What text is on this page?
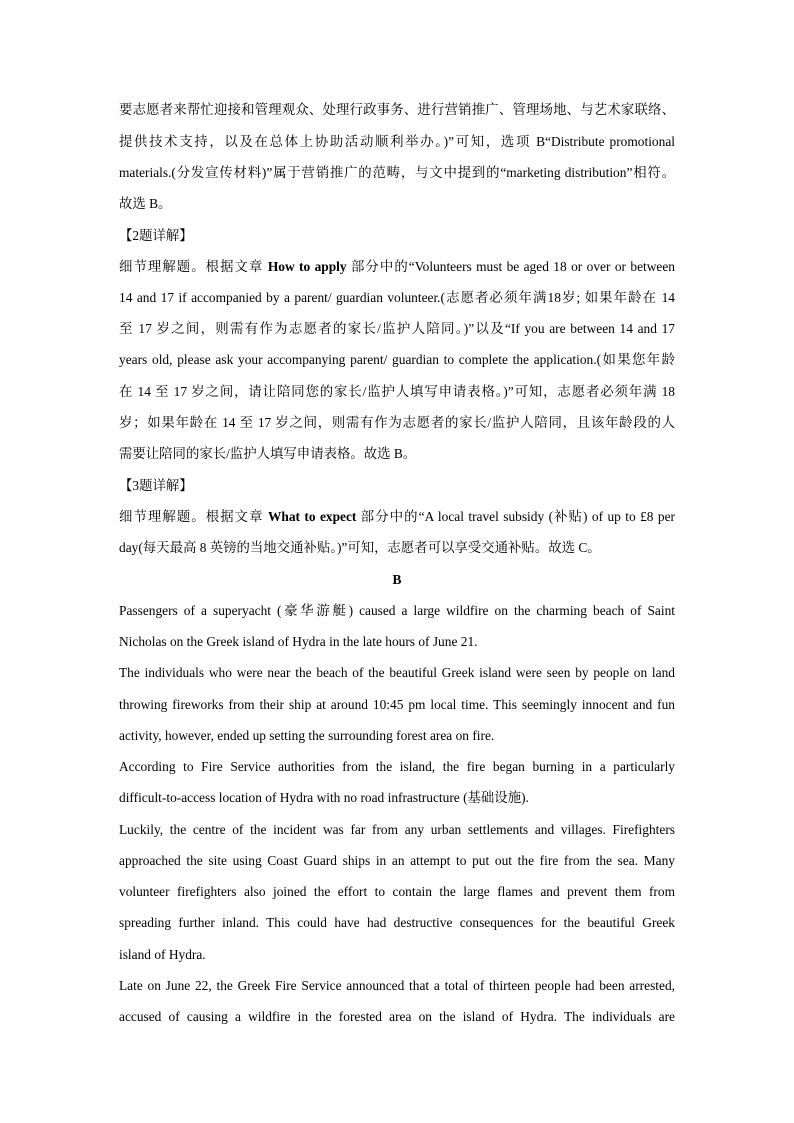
要志愿者来帮忙迎接和管理观众、处理行政事务、进行营销推广、管理场地、与艺术家联络、
提供技术支持，以及在总体上协助活动顺利举办。)”可知，选项 B“Distribute promotional
materials.(分发宣传材料)”属于营销推广的范畴，与文中提到的“marketing distribution”相符。
故选 B。
【2题详解】
细节理解题。根据文章 How to apply 部分中的“Volunteers must be aged 18 or over or between
14 and 17 if accompanied by a parent/ guardian volunteer.(志愿者必须年满18岁; 如果年龄在 14
至 17 岁之间，则需有作为志愿者的家长/监护人陪同。)”以及“If you are between 14 and 17
years old, please ask your accompanying parent/ guardian to complete the application.(如果您年龄
在 14 至 17 岁之间，请让陪同您的家长/监护人填写申请表格。)”可知，志愿者必须年满 18
岁；如果年龄在 14 至 17 岁之间，则需有作为志愿者的家长/监护人陪同，且该年龄段的人
需要让陪同的家长/监护人填写申请表格。故选 B。
【3题详解】
细节理解题。根据文章 What to expect 部分中的“A local travel subsidy (补贴) of up to £8 per
day(每天最高 8 英镑的当地交通补贴。)”可知，志愿者可以享受交通补贴。故选 C。
B
Passengers of a superyacht (豪华游艇) caused a large wildfire on the charming beach of Saint
Nicholas on the Greek island of Hydra in the late hours of June 21.
The individuals who were near the beach of the beautiful Greek island were seen by people on land
throwing fireworks from their ship at around 10:45 pm local time. This seemingly innocent and fun
activity, however, ended up setting the surrounding forest area on fire.
According to Fire Service authorities from the island, the fire began burning in a particularly
difficult-to-access location of Hydra with no road infrastructure (基础设施).
Luckily, the centre of the incident was far from any urban settlements and villages. Firefighters
approached the site using Coast Guard ships in an attempt to put out the fire from the sea. Many
volunteer firefighters also joined the effort to contain the large flames and prevent them from
spreading further inland. This could have had destructive consequences for the beautiful Greek
island of Hydra.
Late on June 22, the Greek Fire Service announced that a total of thirteen people had been arrested,
accused of causing a wildfire in the forested area on the island of Hydra. The individuals are
